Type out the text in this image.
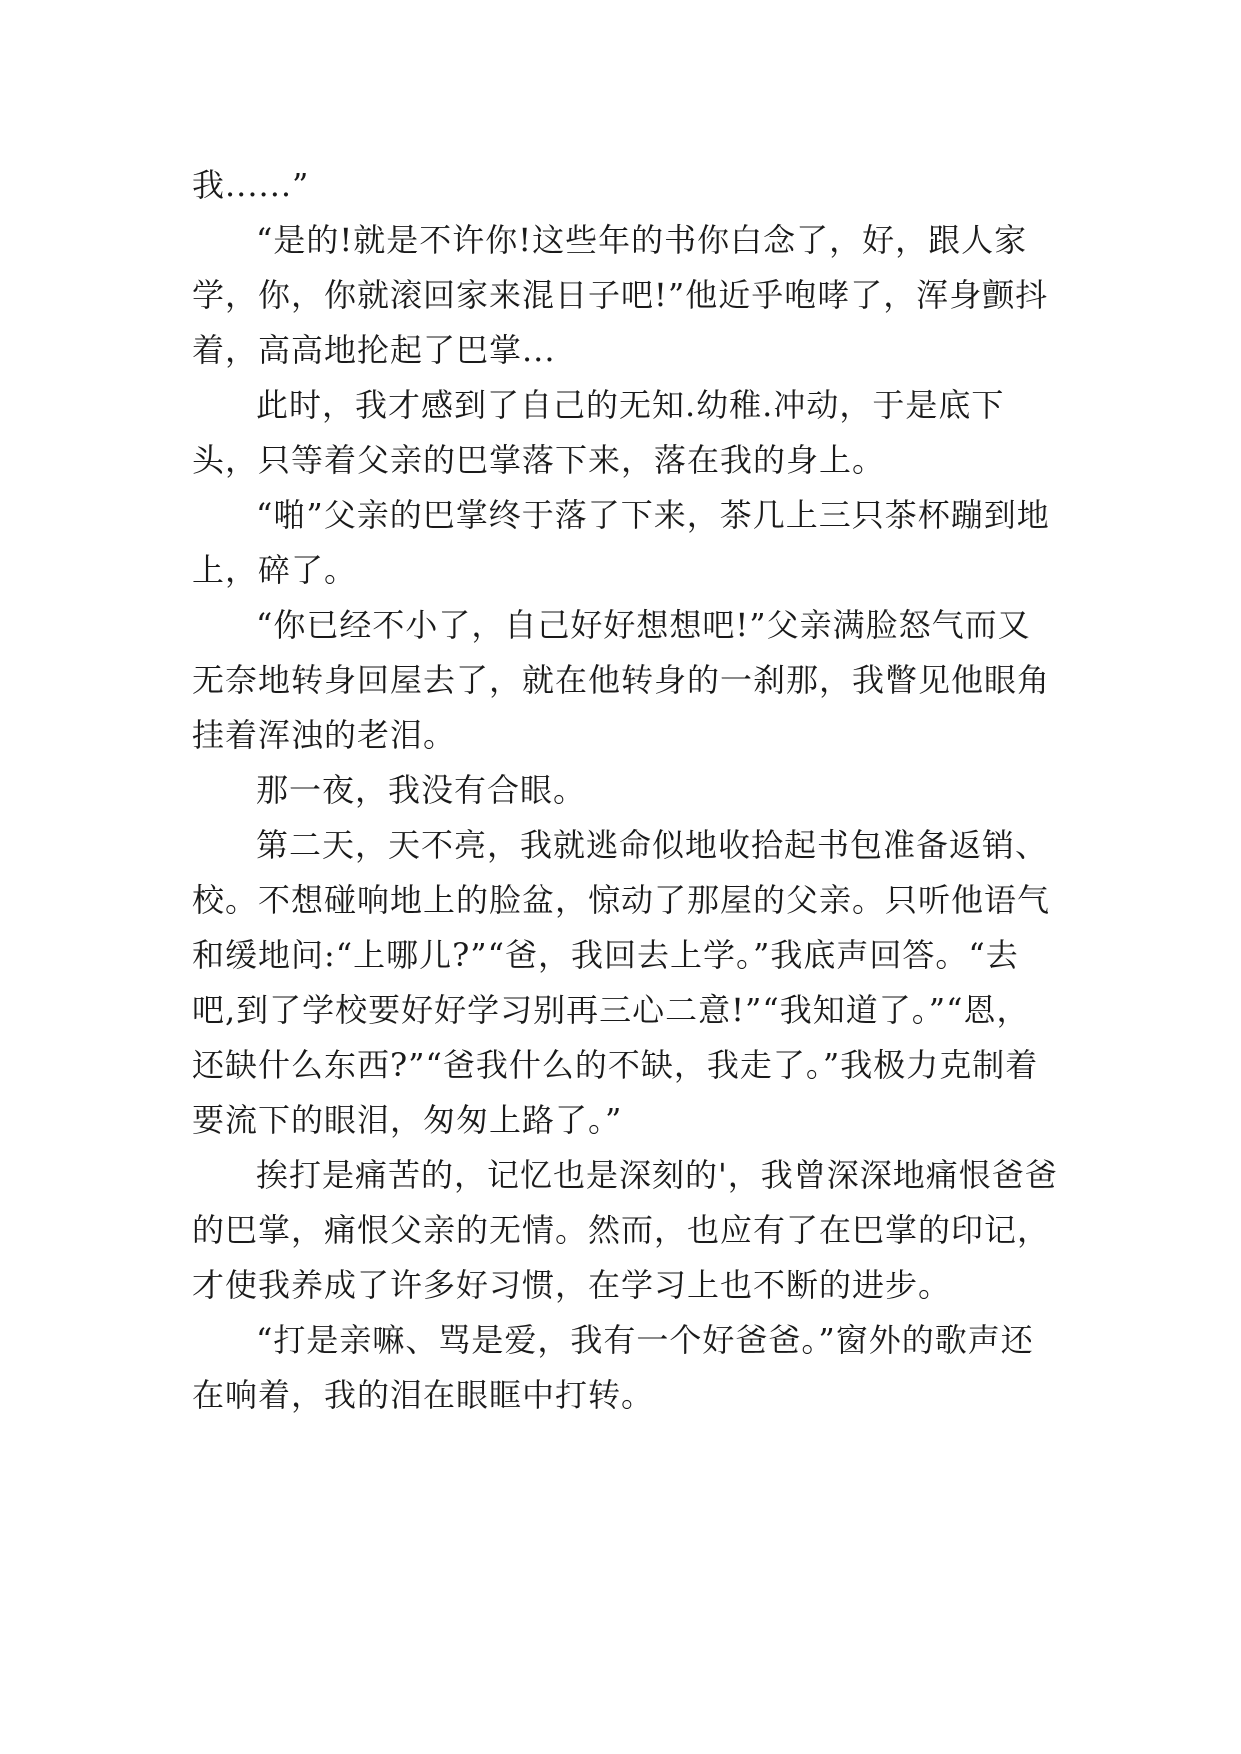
我......”

“是的!就是不许你!这些年的书你白念了，好，跟人家学，你，你就滚回家来混日子吧!”他近乎咆哮了，浑身颤抖着，高高地抡起了巴掌...

此时，我才感到了自己的无知.幼稚.冲动，于是底下头，只等着父亲的巴掌落下来，落在我的身上。

“啪”父亲的巴掌终于落了下来，茶几上三只茶杯蹦到地上，碎了。

“你已经不小了，自己好好想想吧!”父亲满脸怒气而又无奈地转身回屋去了，就在他转身的一刹那，我瞥见他眼角挂着浑浊的老泪。

那一夜，我没有合眼。

第二天，天不亮，我就逃命似地收拾起书包准备返销、校。不想碰响地上的脸盆，惊动了那屋的父亲。只听他语气和缓地问:“上哪儿?”“爸，我回去上学。”我底声回答。“去吧,到了学校要好好学习别再三心二意!”“我知道了。”“恩，还缺什么东西?”“爸我什么的不缺，我走了。”我极力克制着要流下的眼泪，匆匆上路了。”

挨打是痛苦的，记忆也是深刻的'，我曾深深地痛恨爸爸的巴掌，痛恨父亲的无情。然而，也应有了在巴掌的印记，才使我养成了许多好习惯，在学习上也不断的进步。

“打是亲嘛、骂是爱，我有一个好爸爸。”窗外的歌声还在响着，我的泪在眼眶中打转。
